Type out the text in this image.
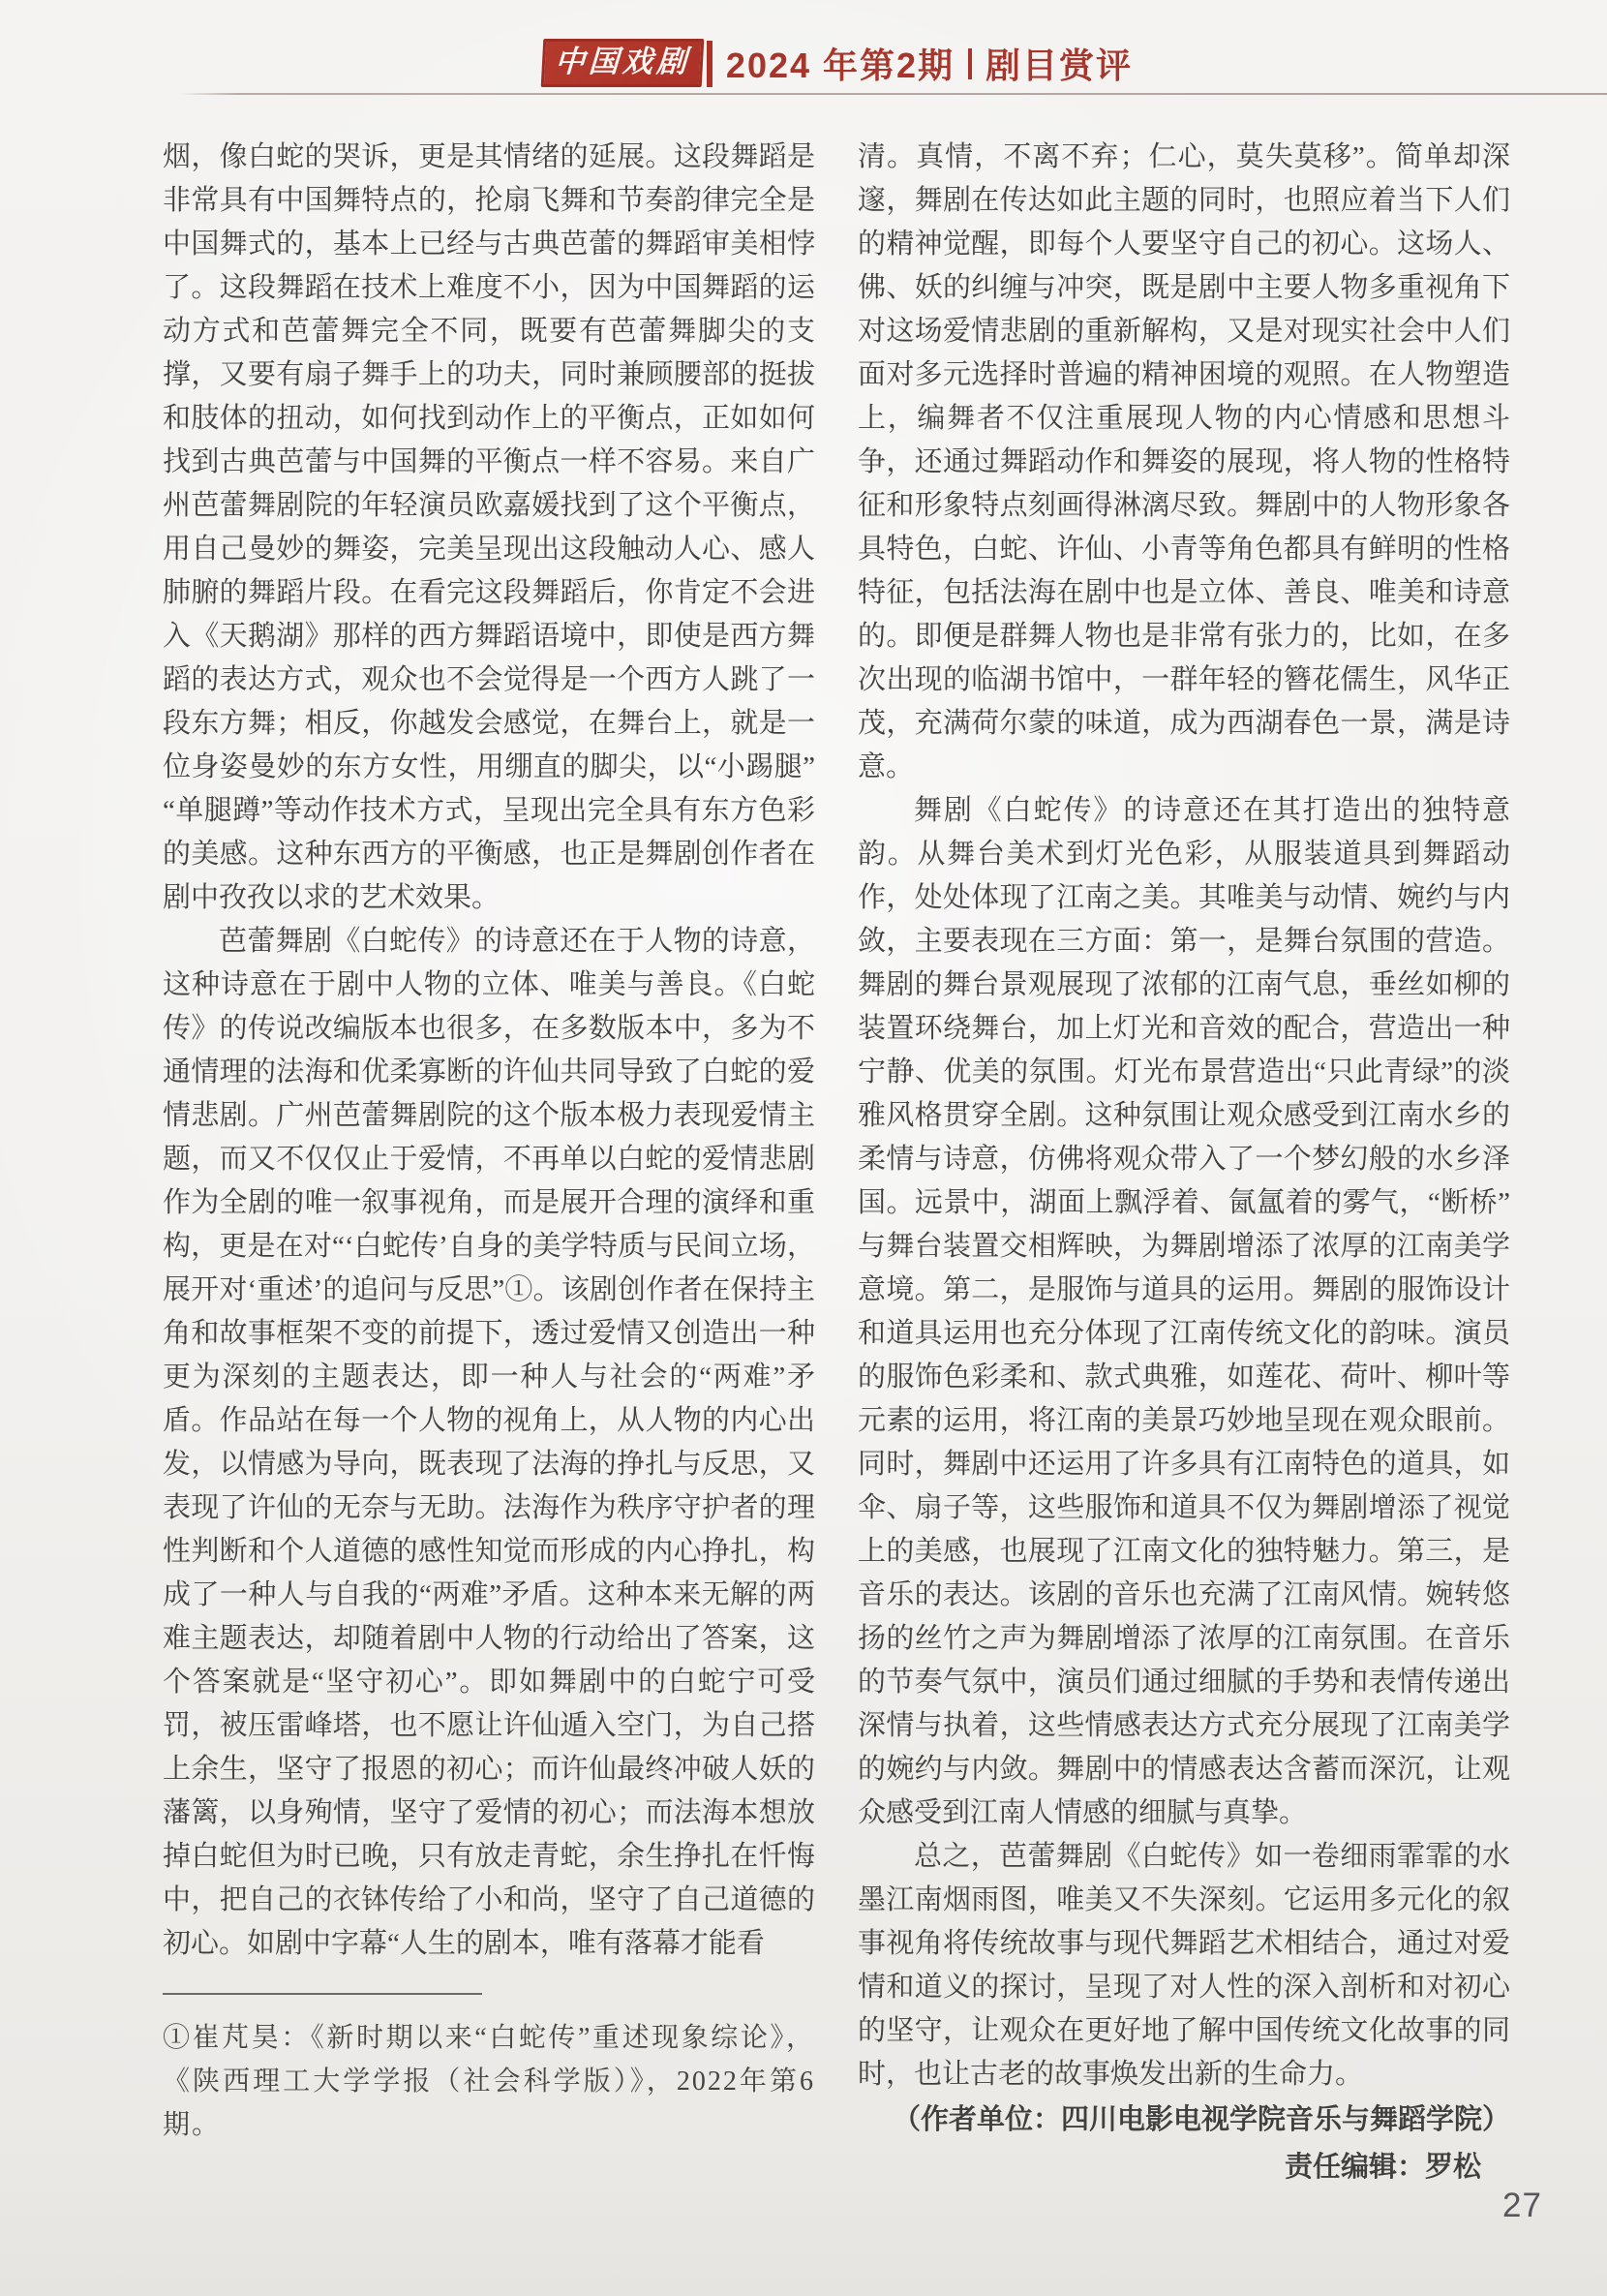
中国戏剧	2024 年第2期 剧目赏评

烟，像白蛇的哭诉，更是其情绪的延展。这段舞蹈是非常具有中国舞特点的，抡扇飞舞和节奏韵律完全是中国舞式的，基本上已经与古典芭蕾的舞蹈审美相悖了。这段舞蹈在技术上难度不小，因为中国舞蹈的运动方式和芭蕾舞完全不同，既要有芭蕾舞脚尖的支撑，又要有扇子舞手上的功夫，同时兼顾腰部的挺拔和肢体的扭动，如何找到动作上的平衡点，正如如何找到古典芭蕾与中国舞的平衡点一样不容易。来自广州芭蕾舞剧院的年轻演员欧嘉媛找到了这个平衡点，用自己曼妙的舞姿，完美呈现出这段触动人心、感人肺腑的舞蹈片段。在看完这段舞蹈后，你肯定不会进入《天鹅湖》那样的西方舞蹈语境中，即使是西方舞蹈的表达方式，观众也不会觉得是一个西方人跳了一段东方舞；相反，你越发会感觉，在舞台上，就是一位身姿曼妙的东方女性，用绷直的脚尖，以“小踢腿”“单腿蹲”等动作技术方式，呈现出完全具有东方色彩的美感。这种东西方的平衡感，也正是舞剧创作者在剧中孜孜以求的艺术效果。

芭蕾舞剧《白蛇传》的诗意还在于人物的诗意，这种诗意在于剧中人物的立体、唯美与善良。《白蛇传》的传说改编版本也很多，在多数版本中，多为不通情理的法海和优柔寡断的许仙共同导致了白蛇的爱情悲剧。广州芭蕾舞剧院的这个版本极力表现爱情主题，而又不仅仅止于爱情，不再单以白蛇的爱情悲剧作为全剧的唯一叙事视角，而是展开合理的演绎和重构，更是在对“‘白蛇传’自身的美学特质与民间立场，展开对‘重述’的追问与反思”①。该剧创作者在保持主角和故事框架不变的前提下，透过爱情又创造出一种更为深刻的主题表达，即一种人与社会的“两难”矛盾。作品站在每一个人物的视角上，从人物的内心出发，以情感为导向，既表现了法海的挣扎与反思，又表现了许仙的无奈与无助。法海作为秩序守护者的理性判断和个人道德的感性知觉而形成的内心挣扎，构成了一种人与自我的“两难”矛盾。这种本来无解的两难主题表达，却随着剧中人物的行动给出了答案，这个答案就是“坚守初心”。即如舞剧中的白蛇宁可受罚，被压雷峰塔，也不愿让许仙遁入空门，为自己搭上余生，坚守了报恩的初心；而许仙最终冲破人妖的藩篱，以身殉情，坚守了爱情的初心；而法海本想放掉白蛇但为时已晚，只有放走青蛇，余生挣扎在忏悔中，把自己的衣钵传给了小和尚，坚守了自己道德的初心。如剧中字幕“人生的剧本，唯有落幕才能看

①崔芃昊：《新时期以来“白蛇传”重述现象综论》，《陕西理工大学学报（社会科学版）》，2022年第6期。

清。真情，不离不弃；仁心，莫失莫移”。简单却深邃，舞剧在传达如此主题的同时，也照应着当下人们的精神觉醒，即每个人要坚守自己的初心。这场人、佛、妖的纠缠与冲突，既是剧中主要人物多重视角下对这场爱情悲剧的重新解构，又是对现实社会中人们面对多元选择时普遍的精神困境的观照。在人物塑造上，编舞者不仅注重展现人物的内心情感和思想斗争，还通过舞蹈动作和舞姿的展现，将人物的性格特征和形象特点刻画得淋漓尽致。舞剧中的人物形象各具特色，白蛇、许仙、小青等角色都具有鲜明的性格特征，包括法海在剧中也是立体、善良、唯美和诗意的。即便是群舞人物也是非常有张力的，比如，在多次出现的临湖书馆中，一群年轻的簪花儒生，风华正茂，充满荷尔蒙的味道，成为西湖春色一景，满是诗意。

舞剧《白蛇传》的诗意还在其打造出的独特意韵。从舞台美术到灯光色彩，从服装道具到舞蹈动作，处处体现了江南之美。其唯美与动情、婉约与内敛，主要表现在三方面：第一，是舞台氛围的营造。舞剧的舞台景观展现了浓郁的江南气息，垂丝如柳的装置环绕舞台，加上灯光和音效的配合，营造出一种宁静、优美的氛围。灯光布景营造出“只此青绿”的淡雅风格贯穿全剧。这种氛围让观众感受到江南水乡的柔情与诗意，仿佛将观众带入了一个梦幻般的水乡泽国。远景中，湖面上飘浮着、氤氲着的雾气，“断桥”与舞台装置交相辉映，为舞剧增添了浓厚的江南美学意境。第二，是服饰与道具的运用。舞剧的服饰设计和道具运用也充分体现了江南传统文化的韵味。演员的服饰色彩柔和、款式典雅，如莲花、荷叶、柳叶等元素的运用，将江南的美景巧妙地呈现在观众眼前。同时，舞剧中还运用了许多具有江南特色的道具，如伞、扇子等，这些服饰和道具不仅为舞剧增添了视觉上的美感，也展现了江南文化的独特魅力。第三，是音乐的表达。该剧的音乐也充满了江南风情。婉转悠扬的丝竹之声为舞剧增添了浓厚的江南氛围。在音乐的节奏气氛中，演员们通过细腻的手势和表情传递出深情与执着，这些情感表达方式充分展现了江南美学的婉约与内敛。舞剧中的情感表达含蓄而深沉，让观众感受到江南人情感的细腻与真挚。

总之，芭蕾舞剧《白蛇传》如一卷细雨霏霏的水墨江南烟雨图，唯美又不失深刻。它运用多元化的叙事视角将传统故事与现代舞蹈艺术相结合，通过对爱情和道义的探讨，呈现了对人性的深入剖析和对初心的坚守，让观众在更好地了解中国传统文化故事的同时，也让古老的故事焕发出新的生命力。

（作者单位：四川电影电视学院音乐与舞蹈学院）

责任编辑：罗松

27
